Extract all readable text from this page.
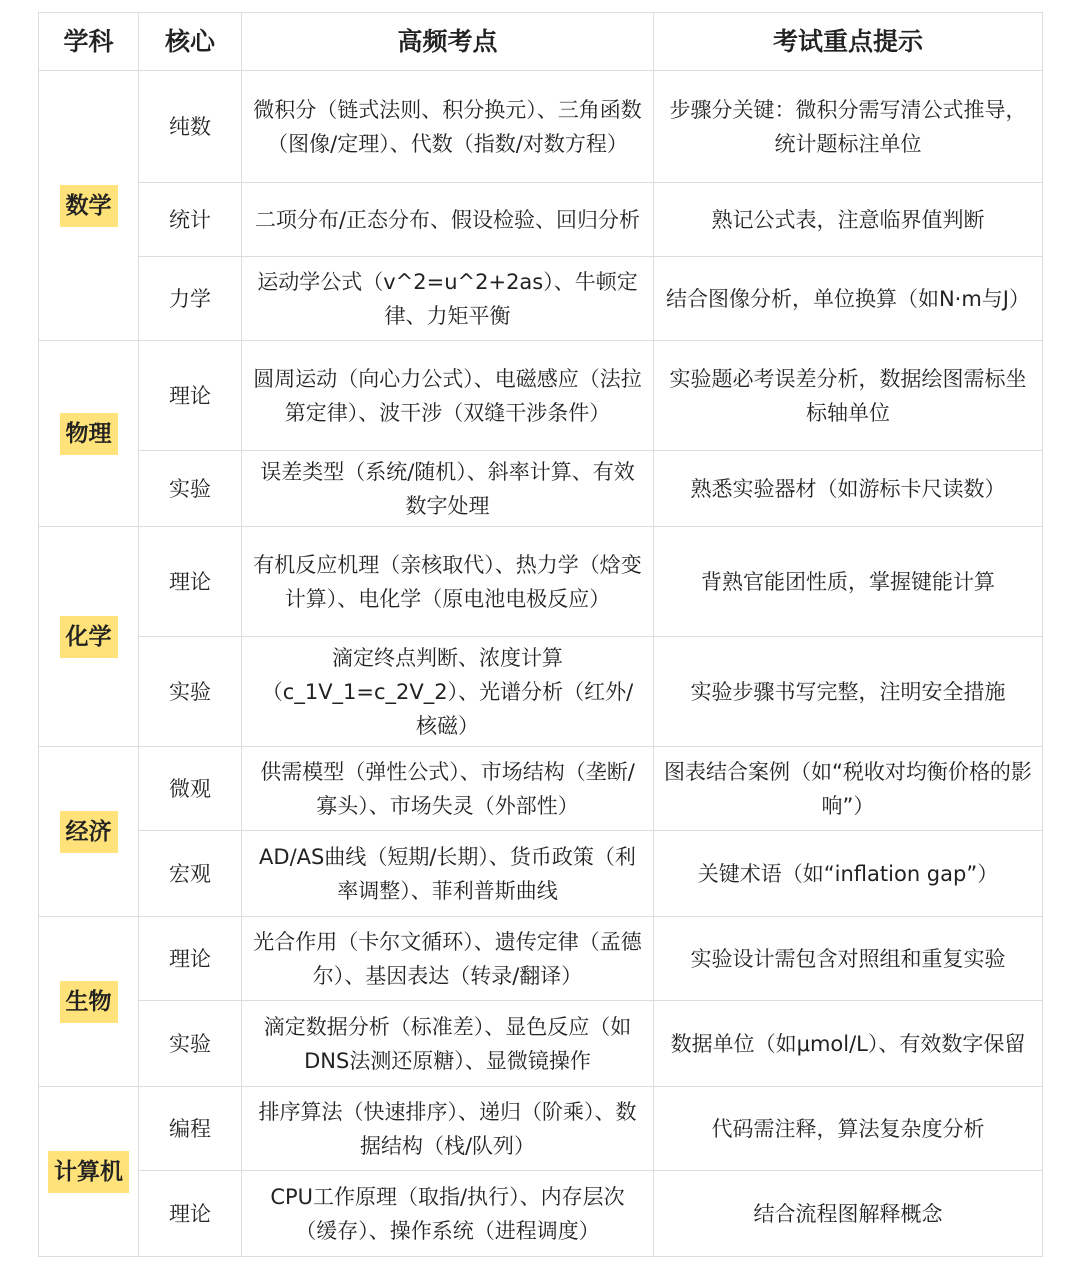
学科	核心	高频考点	考试重点提示
数学	纯数	微积分（链式法则、积分换元）、三角函数（图像/定理）、代数（指数/对数方程）	步骤分关键：微积分需写清公式推导，统计题标注单位
	统计	二项分布/正态分布、假设检验、回归分析	熟记公式表，注意临界值判断
	力学	运动学公式（v^2=u^2+2as）、牛顿定律、力矩平衡	结合图像分析，单位换算（如N·m与J）
物理	理论	圆周运动（向心力公式）、电磁感应（法拉第定律）、波干涉（双缝干涉条件）	实验题必考误差分析，数据绘图需标坐标轴单位
	实验	误差类型（系统/随机）、斜率计算、有效数字处理	熟悉实验器材（如游标卡尺读数）
化学	理论	有机反应机理（亲核取代）、热力学（焓变计算）、电化学（原电池电极反应）	背熟官能团性质，掌握键能计算
	实验	滴定终点判断、浓度计算（c_1V_1=c_2V_2）、光谱分析（红外/核磁）	实验步骤书写完整，注明安全措施
经济	微观	供需模型（弹性公式）、市场结构（垄断/寡头）、市场失灵（外部性）	图表结合案例（如“税收对均衡价格的影响”）
	宏观	AD/AS曲线（短期/长期）、货币政策（利率调整）、菲利普斯曲线	关键术语（如“inflation gap”）
生物	理论	光合作用（卡尔文循环）、遗传定律（孟德尔）、基因表达（转录/翻译）	实验设计需包含对照组和重复实验
	实验	滴定数据分析（标准差）、显色反应（如DNS法测还原糖）、显微镜操作	数据单位（如μmol/L）、有效数字保留
计算机	编程	排序算法（快速排序）、递归（阶乘）、数据结构（栈/队列）	代码需注释，算法复杂度分析
	理论	CPU工作原理（取指/执行）、内存层次（缓存）、操作系统（进程调度）	结合流程图解释概念
